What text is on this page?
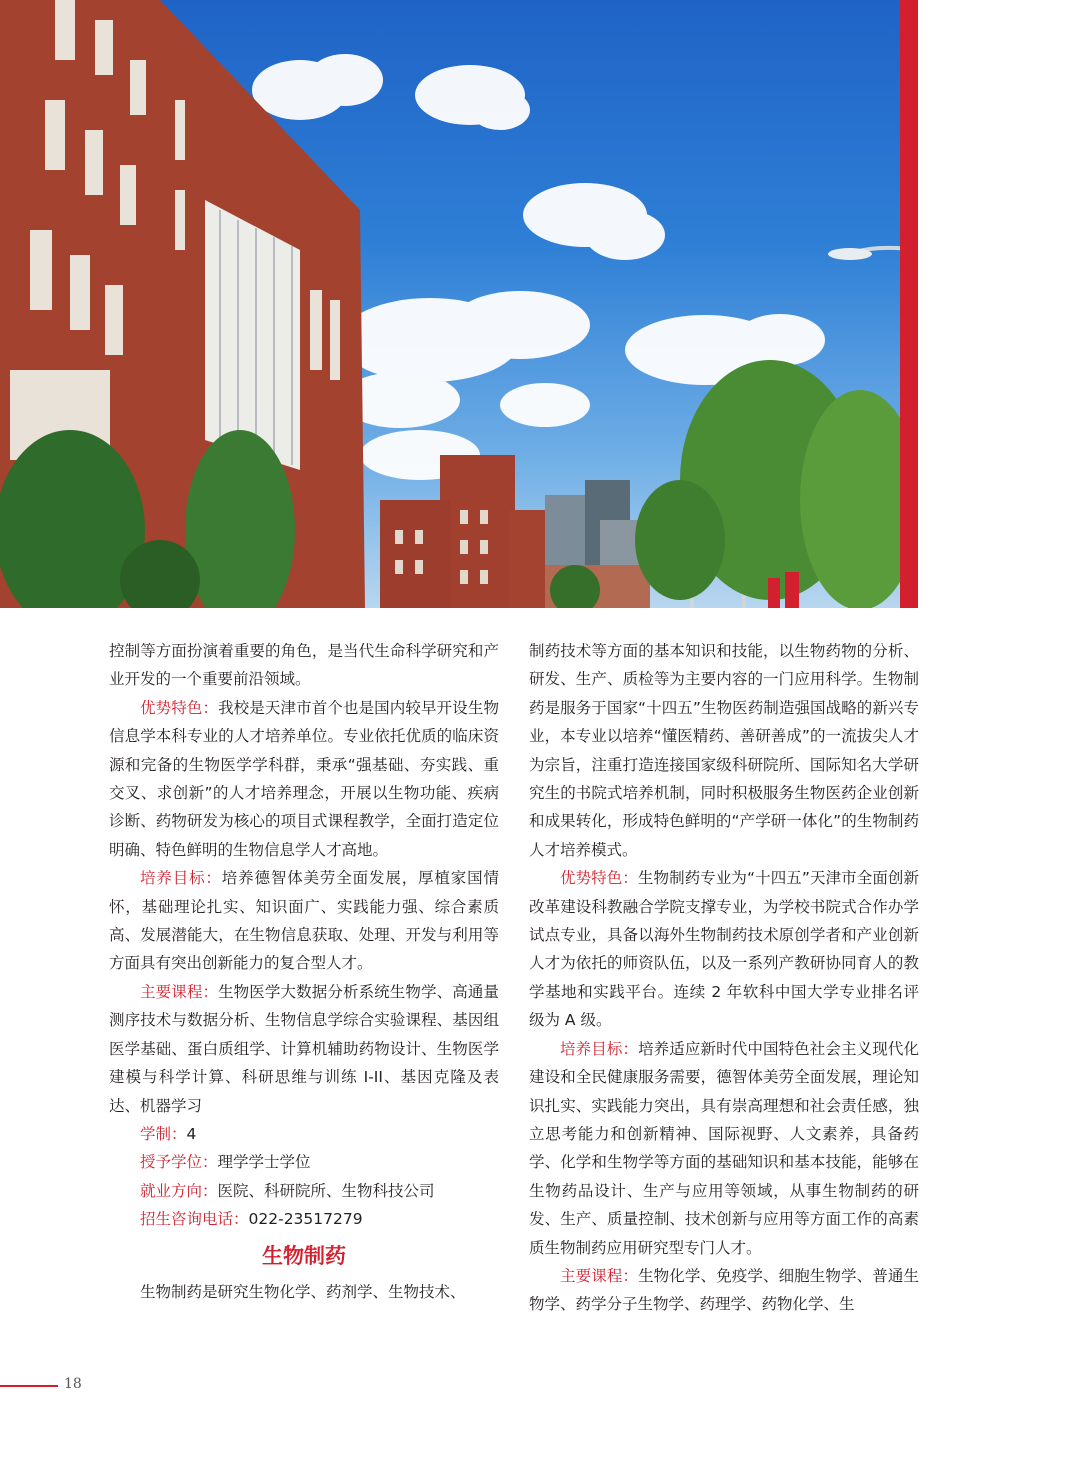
控制等方面扮演着重要的角色，是当代生命科学研究和产业开发的一个重要前沿领域。

优势特色：我校是天津市首个也是国内较早开设生物信息学本科专业的人才培养单位。专业依托优质的临床资源和完备的生物医学学科群，秉承“强基础、夯实践、重交叉、求创新”的人才培养理念，开展以生物功能、疾病诊断、药物研发为核心的项目式课程教学，全面打造定位明确、特色鲜明的生物信息学人才高地。

培养目标：培养德智体美劳全面发展，厚植家国情怀，基础理论扎实、知识面广、实践能力强、综合素质高、发展潜能大，在生物信息获取、处理、开发与利用等方面具有突出创新能力的复合型人才。

主要课程：生物医学大数据分析系统生物学、高通量测序技术与数据分析、生物信息学综合实验课程、基因组医学基础、蛋白质组学、计算机辅助药物设计、生物医学建模与科学计算、科研思维与训练 I-II、基因克隆及表达、机器学习

学制：4

授予学位：理学学士学位

就业方向：医院、科研院所、生物科技公司

招生咨询电话：022-23517279

生物制药

生物制药是研究生物化学、药剂学、生物技术、

制药技术等方面的基本知识和技能，以生物药物的分析、研发、生产、质检等为主要内容的一门应用科学。生物制药是服务于国家“十四五”生物医药制造强国战略的新兴专业，本专业以培养“懂医精药、善研善成”的一流拔尖人才为宗旨，注重打造连接国家级科研院所、国际知名大学研究生的书院式培养机制，同时积极服务生物医药企业创新和成果转化，形成特色鲜明的“产学研一体化”的生物制药人才培养模式。

优势特色：生物制药专业为“十四五”天津市全面创新改革建设科教融合学院支撑专业，为学校书院式合作办学试点专业，具备以海外生物制药技术原创学者和产业创新人才为依托的师资队伍，以及一系列产教研协同育人的教学基地和实践平台。连续 2 年软科中国大学专业排名评级为 A 级。

培养目标：培养适应新时代中国特色社会主义现代化建设和全民健康服务需要，德智体美劳全面发展，理论知识扎实、实践能力突出，具有崇高理想和社会责任感，独立思考能力和创新精神、国际视野、人文素养，具备药学、化学和生物学等方面的基础知识和基本技能，能够在生物药品设计、生产与应用等领域，从事生物制药的研发、生产、质量控制、技术创新与应用等方面工作的高素质生物制药应用研究型专门人才。

主要课程：生物化学、免疫学、细胞生物学、普通生物学、药学分子生物学、药理学、药物化学、生

18
